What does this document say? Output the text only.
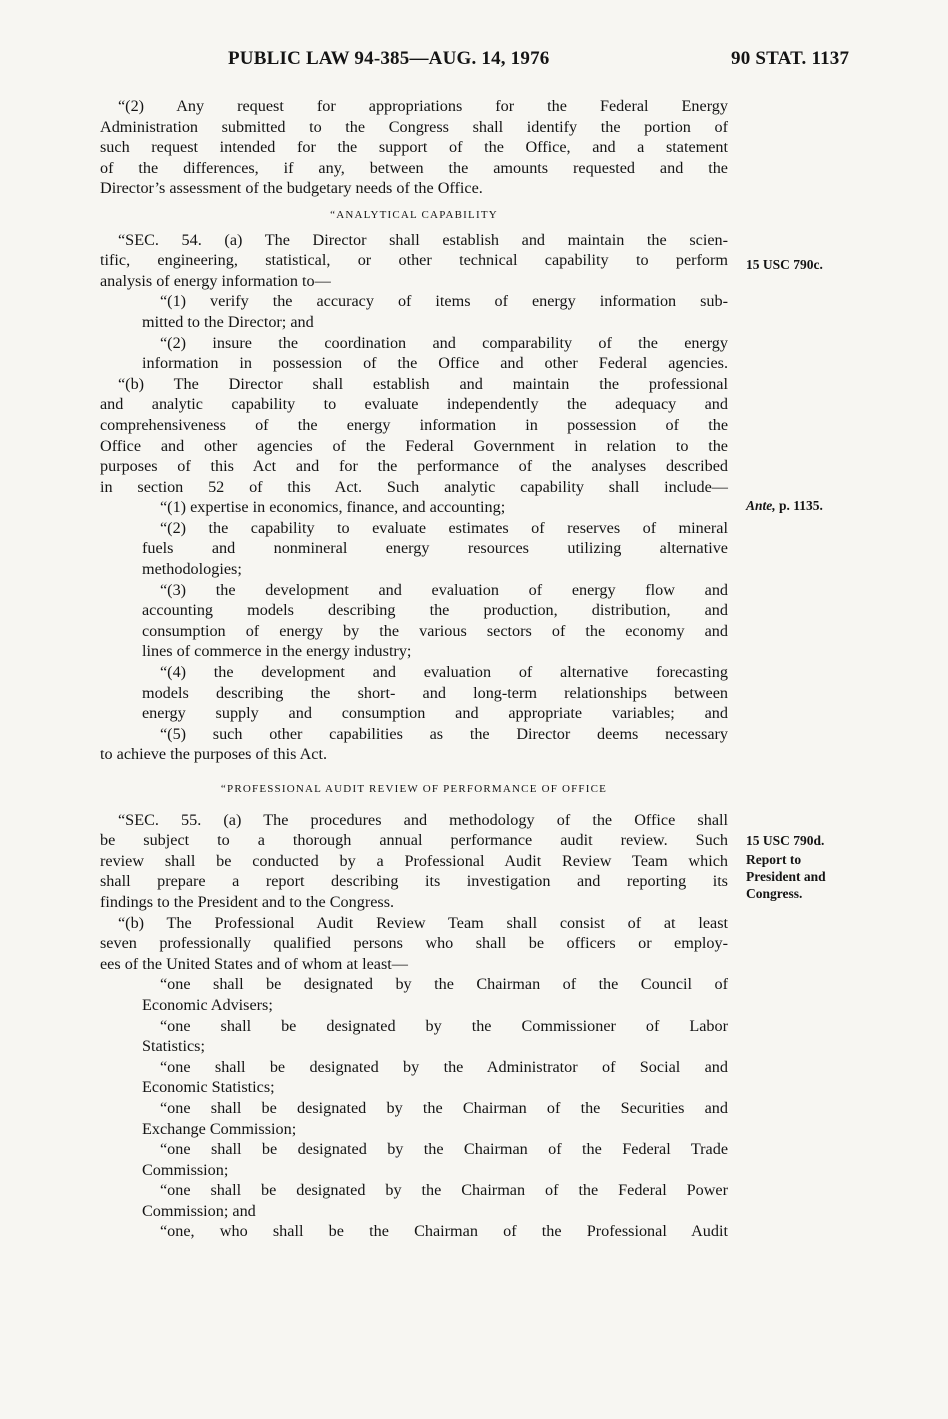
PUBLIC LAW 94-385—AUG. 14, 1976	90 STAT. 1137
“(2) Any request for appropriations for the Federal Energy
Administration submitted to the Congress shall identify the portion of
such request intended for the support of the Office, and a statement
of the differences, if any, between the amounts requested and the
Director’s assessment of the budgetary needs of the Office.
“ANALYTICAL CAPABILITY
“SEC. 54. (a) The Director shall establish and maintain the scien-
tific, engineering, statistical, or other technical capability to perform
analysis of energy information to—
“(1) verify the accuracy of items of energy information sub-
mitted to the Director; and
“(2) insure the coordination and comparability of the energy
information in possession of the Office and other Federal agencies.
“(b) The Director shall establish and maintain the professional
and analytic capability to evaluate independently the adequacy and
comprehensiveness of the energy information in possession of the
Office and other agencies of the Federal Government in relation to the
purposes of this Act and for the performance of the analyses described
in section 52 of this Act. Such analytic capability shall include—
“(1) expertise in economics, finance, and accounting;
“(2) the capability to evaluate estimates of reserves of mineral
fuels and nonmineral energy resources utilizing alternative
methodologies;
“(3) the development and evaluation of energy flow and
accounting models describing the production, distribution, and
consumption of energy by the various sectors of the economy and
lines of commerce in the energy industry;
“(4) the development and evaluation of alternative forecasting
models describing the short- and long-term relationships between
energy supply and consumption and appropriate variables; and
“(5) such other capabilities as the Director deems necessary
to achieve the purposes of this Act.
“PROFESSIONAL AUDIT REVIEW OF PERFORMANCE OF OFFICE
“SEC. 55. (a) The procedures and methodology of the Office shall
be subject to a thorough annual performance audit review. Such
review shall be conducted by a Professional Audit Review Team which
shall prepare a report describing its investigation and reporting its
findings to the President and to the Congress.
“(b) The Professional Audit Review Team shall consist of at least
seven professionally qualified persons who shall be officers or employ-
ees of the United States and of whom at least—
“one shall be designated by the Chairman of the Council of
Economic Advisers;
“one shall be designated by the Commissioner of Labor
Statistics;
“one shall be designated by the Administrator of Social and
Economic Statistics;
“one shall be designated by the Chairman of the Securities and
Exchange Commission;
“one shall be designated by the Chairman of the Federal Trade
Commission;
“one shall be designated by the Chairman of the Federal Power
Commission; and
“one, who shall be the Chairman of the Professional Audit
15 USC 790c.
Ante, p. 1135.
15 USC 790d.
Report to
President and
Congress.
